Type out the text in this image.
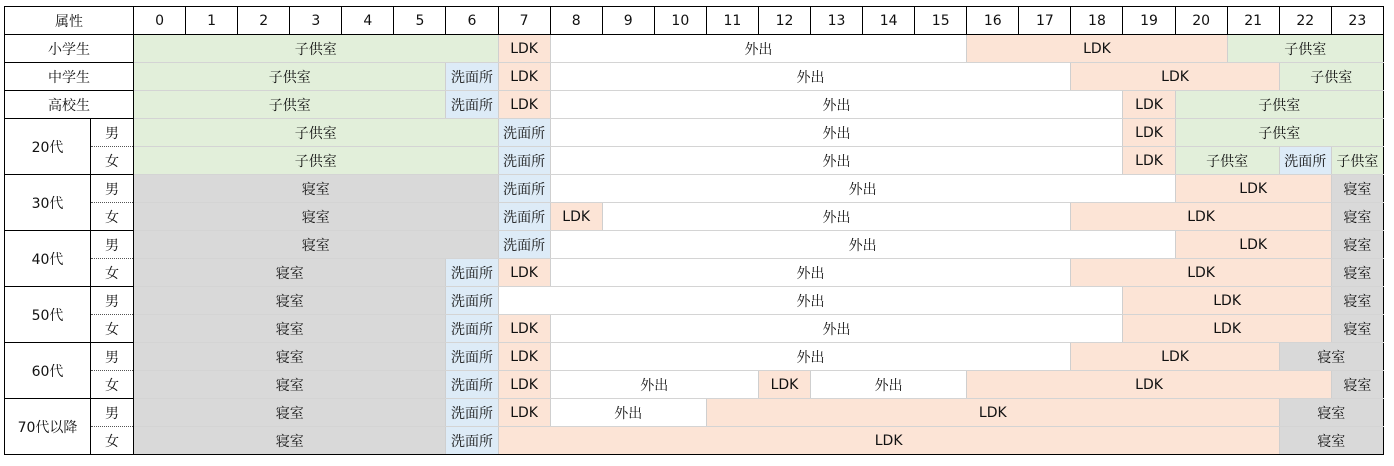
属性		0	1	2	3	4	5	6	7	8	9	10	11	12	13	14	15	16	17	18	19	20	21	22	23
小学生		子供室							LDK	外出								LDK					子供室		
中学生		子供室						洗面所	LDK	外出										LDK				子供室	
高校生		子供室						洗面所	LDK	外出											LDK	子供室			
20代	男	子供室							洗面所	外出											LDK	子供室			
	女	子供室							洗面所	外出											LDK	子供室		洗面所	子供室
30代	男	寝室							洗面所	外出												LDK			寝室
	女	寝室							洗面所	LDK	外出									LDK					寝室
40代	男	寝室							洗面所	外出												LDK			寝室
	女	寝室						洗面所	LDK	外出										LDK					寝室
50代	男	寝室						洗面所	外出												LDK				寝室
	女	寝室						洗面所	LDK	外出											LDK				寝室
60代	男	寝室						洗面所	LDK	外出										LDK				寝室	
	女	寝室						洗面所	LDK	外出				LDK	外出			LDK							寝室
70代以降	男	寝室						洗面所	LDK	外出			LDK											寝室	
	女	寝室						洗面所	LDK															寝室	
